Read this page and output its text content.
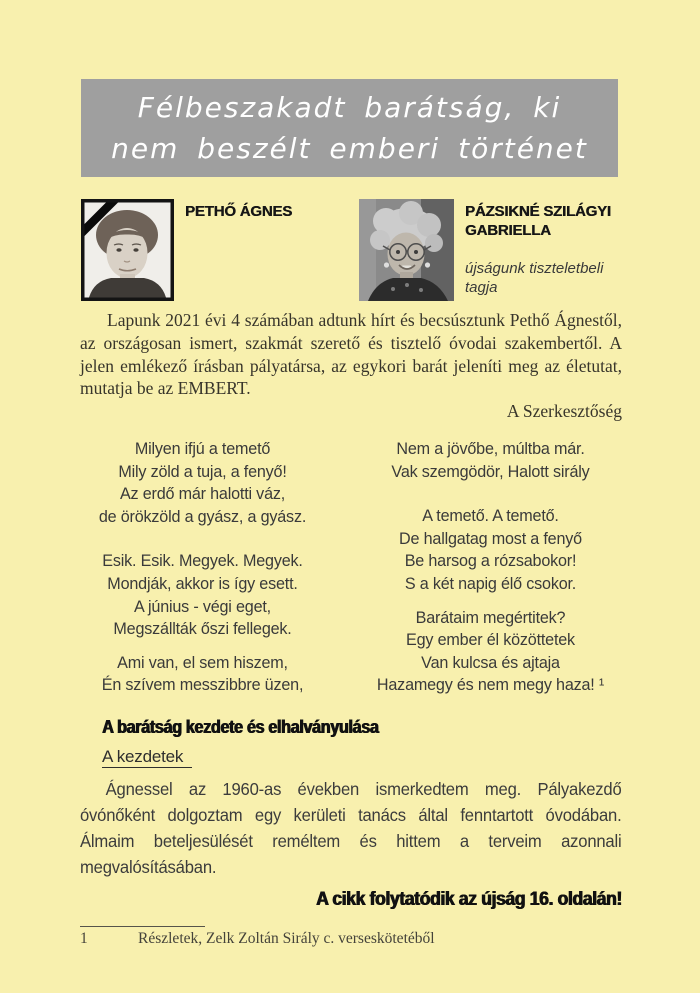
Félbeszakadt barátság, ki
nem beszélt emberi történet
PETHŐ ÁGNES	PÁZSIKNÉ SZILÁGYI GABRIELLA
újságunk tiszteletbeli tagja

Lapunk 2021 évi 4 számában adtunk hírt és becsúsztunk Pethő Ágnestől, az országosan ismert, szakmát szerető és tisztelő óvodai szakembertől. A jelen emlékező írásban pályatársa, az egykori barát jeleníti meg az életutat, mutatja be az EMBERT.

A Szerkesztőség
Milyen ifjú a temető
Mily zöld a tuja, a fenyő!
Az erdő már halotti váz,
de örökzöld a gyász, a gyász.
Esik. Esik. Megyek. Megyek.
Mondják, akkor is így esett.
A június - végi eget,
Megszállták őszi fellegek.
Ami van, el sem hiszem,
Én szívem messzibbre üzen,
Nem a jövőbe, múltba már.
Vak szemgödör, Halott sirály
A temető. A temető.
De hallgatag most a fenyő
Be harsog a rózsabokor!
S a két napig élő csokor.
Barátaim megértitek?
Egy ember él közöttetek
Van kulcsa és ajtaja
Hazamegy és nem megy haza! ¹
A barátság kezdete és elhalványulása
A kezdetek

Ágnessel az 1960-as években ismerkedtem meg. Pályakezdő óvónőként dolgoztam egy kerületi tanács által fenntartott óvodában. Álmaim beteljesülését reméltem és hittem a terveim azonnali megvalósításában.

A cikk folytatódik az újság 16. oldalán!
1	Részletek, Zelk Zoltán Sirály c. verseskötetéből
